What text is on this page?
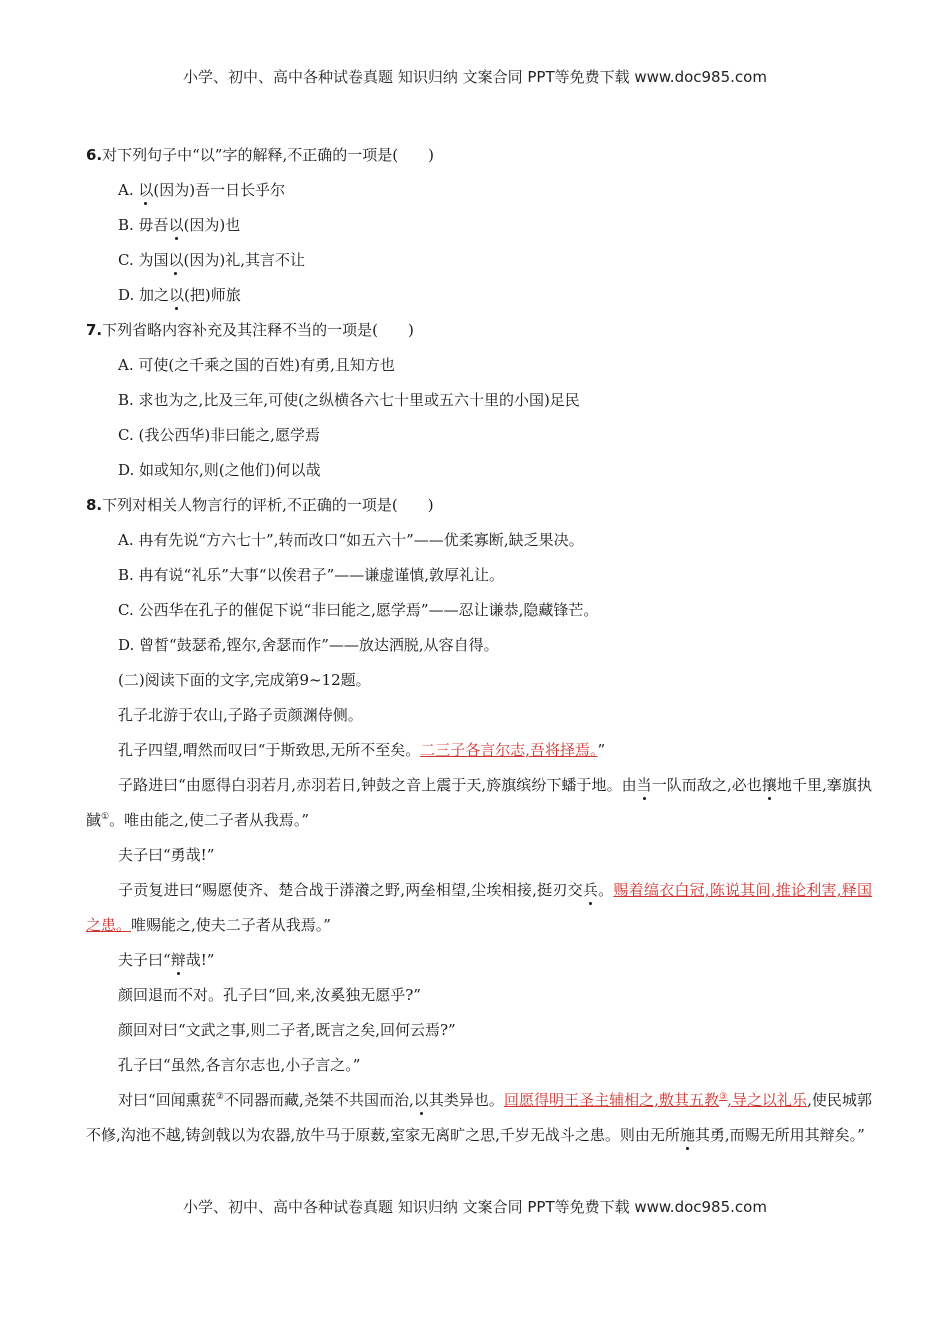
小学、初中、高中各种试卷真题 知识归纳 文案合同 PPT等免费下载 www.doc985.com
6.对下列句子中“以”字的解释,不正确的一项是(　　)
A. 以(因为)吾一日长乎尔
B. 毋吾以(因为)也
C. 为国以(因为)礼,其言不让
D. 加之以(把)师旅
7.下列省略内容补充及其注释不当的一项是(　　)
A. 可使(之千乘之国的百姓)有勇,且知方也
B. 求也为之,比及三年,可使(之纵横各六七十里或五六十里的小国)足民
C. (我公西华)非曰能之,愿学焉
D. 如或知尔,则(之他们)何以哉
8.下列对相关人物言行的评析,不正确的一项是(　　)
A. 冉有先说“方六七十”,转而改口“如五六十”——优柔寡断,缺乏果决。
B. 冉有说“礼乐”大事“以俟君子”——谦虚谨慎,敦厚礼让。
C. 公西华在孔子的催促下说“非曰能之,愿学焉”——忍让谦恭,隐藏锋芒。
D. 曾皙“鼓瑟希,铿尔,舍瑟而作”——放达洒脱,从容自得。
(二)阅读下面的文字,完成第9~12题。
孔子北游于农山,子路子贡颜渊侍侧。
孔子四望,喟然而叹曰“于斯致思,无所不至矣。二三子各言尔志,吾将择焉。”
子路进曰“由愿得白羽若月,赤羽若日,钟鼓之音上震于天,旍旗缤纷下蟠于地。由当一队而敌之,必也攘地千里,搴旗执馘①。唯由能之,使二子者从我焉。”
夫子曰“勇哉!”
子贡复进曰“赐愿使齐、楚合战于漭瀁之野,两垒相望,尘埃相接,挺刃交兵。赐着缟衣白冠,陈说其间,推论利害,释国之患。唯赐能之,使夫二子者从我焉。”
夫子曰“辩哉!”
颜回退而不对。孔子曰“回,来,汝奚独无愿乎?”
颜回对曰“文武之事,则二子者,既言之矣,回何云焉?”
孔子曰“虽然,各言尔志也,小子言之。”
对曰“回闻熏莸②不同器而藏,尧桀不共国而治,以其类异也。回愿得明王圣主辅相之,敷其五教③,导之以礼乐,使民城郭不修,沟池不越,铸剑戟以为农器,放牛马于原薮,室家无离旷之思,千岁无战斗之患。则由无所施其勇,而赐无所用其辩矣。”
小学、初中、高中各种试卷真题 知识归纳 文案合同 PPT等免费下载 www.doc985.com
